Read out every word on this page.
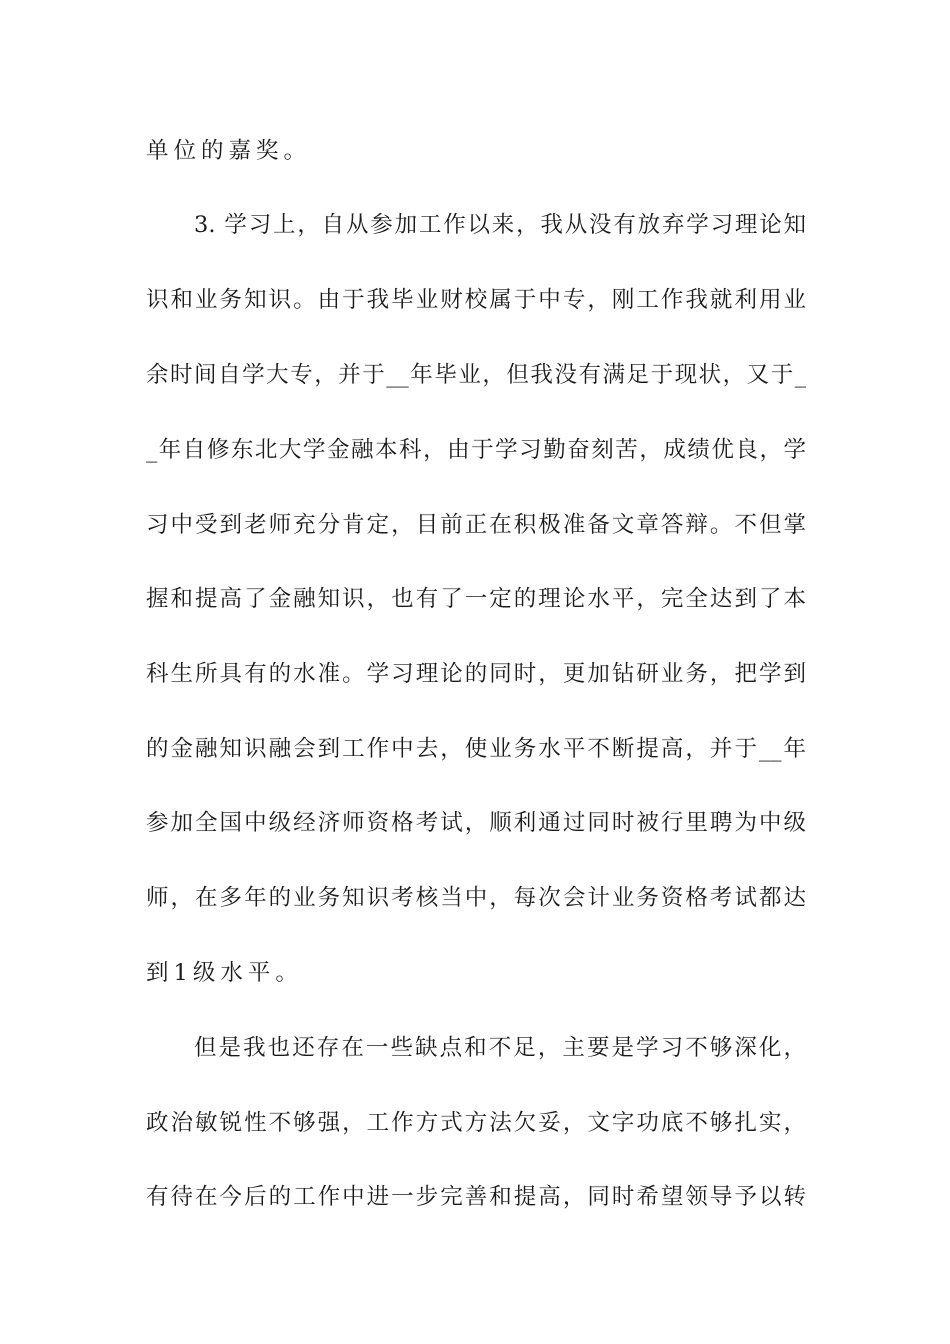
单位的嘉奖。
3. 学习上，自从参加工作以来，我从没有放弃学习理论知
识和业务知识。由于我毕业财校属于中专，刚工作我就利用业
余时间自学大专，并于__年毕业，但我没有满足于现状，又于_
_年自修东北大学金融本科，由于学习勤奋刻苦，成绩优良，学
习中受到老师充分肯定，目前正在积极准备文章答辩。不但掌
握和提高了金融知识，也有了一定的理论水平，完全达到了本
科生所具有的水准。学习理论的同时，更加钻研业务，把学到
的金融知识融会到工作中去，使业务水平不断提高，并于__年
参加全国中级经济师资格考试，顺利通过同时被行里聘为中级
师，在多年的业务知识考核当中，每次会计业务资格考试都达
到1级水平。
但是我也还存在一些缺点和不足，主要是学习不够深化，
政治敏锐性不够强，工作方式方法欠妥，文字功底不够扎实，
有待在今后的工作中进一步完善和提高，同时希望领导予以转
